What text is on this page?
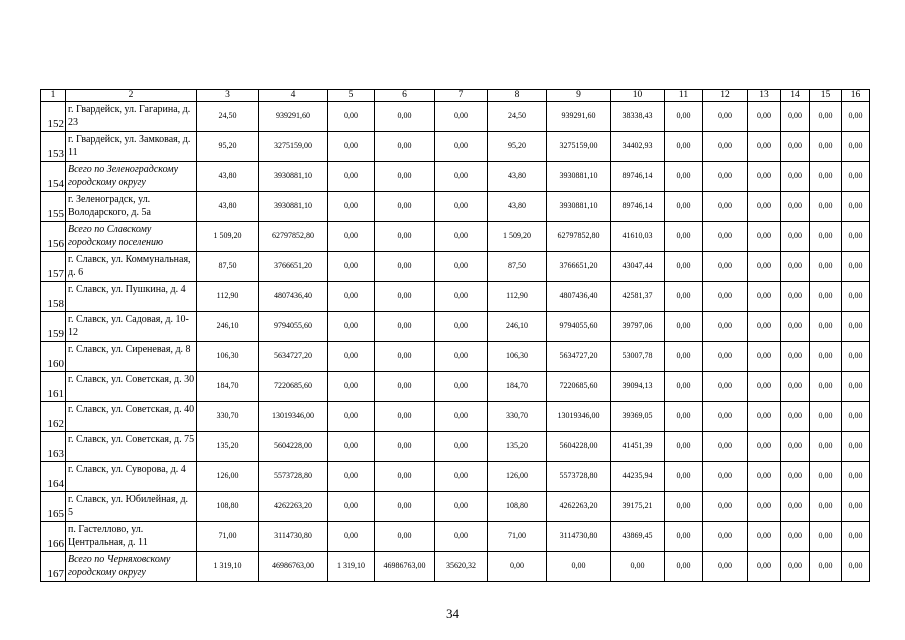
1	2	3	4	5	6	7	8	9	10	11	12	13	14	15	16
152	г. Гвардейск, ул. Гагарина, д. 23	24,50	939291,60	0,00	0,00	0,00	24,50	939291,60	38338,43	0,00	0,00	0,00	0,00	0,00	0,00
153	г. Гвардейск, ул. Замковая, д. 11	95,20	3275159,00	0,00	0,00	0,00	95,20	3275159,00	34402,93	0,00	0,00	0,00	0,00	0,00	0,00
154	Всего по Зеленоградскому городскому округу	43,80	3930881,10	0,00	0,00	0,00	43,80	3930881,10	89746,14	0,00	0,00	0,00	0,00	0,00	0,00
155	г. Зеленоградск, ул. Володарского, д. 5а	43,80	3930881,10	0,00	0,00	0,00	43,80	3930881,10	89746,14	0,00	0,00	0,00	0,00	0,00	0,00
156	Всего по Славскому городскому поселению	1 509,20	62797852,80	0,00	0,00	0,00	1 509,20	62797852,80	41610,03	0,00	0,00	0,00	0,00	0,00	0,00
157	г. Славск, ул. Коммунальная, д. 6	87,50	3766651,20	0,00	0,00	0,00	87,50	3766651,20	43047,44	0,00	0,00	0,00	0,00	0,00	0,00
158	г. Славск, ул. Пушкина, д. 4	112,90	4807436,40	0,00	0,00	0,00	112,90	4807436,40	42581,37	0,00	0,00	0,00	0,00	0,00	0,00
159	г. Славск, ул. Садовая, д. 10-12	246,10	9794055,60	0,00	0,00	0,00	246,10	9794055,60	39797,06	0,00	0,00	0,00	0,00	0,00	0,00
160	г. Славск, ул. Сиреневая, д. 8	106,30	5634727,20	0,00	0,00	0,00	106,30	5634727,20	53007,78	0,00	0,00	0,00	0,00	0,00	0,00
161	г. Славск, ул. Советская, д. 30	184,70	7220685,60	0,00	0,00	0,00	184,70	7220685,60	39094,13	0,00	0,00	0,00	0,00	0,00	0,00
162	г. Славск, ул. Советская, д. 40	330,70	13019346,00	0,00	0,00	0,00	330,70	13019346,00	39369,05	0,00	0,00	0,00	0,00	0,00	0,00
163	г. Славск, ул. Советская, д. 75	135,20	5604228,00	0,00	0,00	0,00	135,20	5604228,00	41451,39	0,00	0,00	0,00	0,00	0,00	0,00
164	г. Славск, ул. Суворова, д. 4	126,00	5573728,80	0,00	0,00	0,00	126,00	5573728,80	44235,94	0,00	0,00	0,00	0,00	0,00	0,00
165	г. Славск, ул. Юбилейная, д. 5	108,80	4262263,20	0,00	0,00	0,00	108,80	4262263,20	39175,21	0,00	0,00	0,00	0,00	0,00	0,00
166	п. Гастеллово, ул. Центральная, д. 11	71,00	3114730,80	0,00	0,00	0,00	71,00	3114730,80	43869,45	0,00	0,00	0,00	0,00	0,00	0,00
167	Всего по Черняховскому городскому округу	1 319,10	46986763,00	1 319,10	46986763,00	35620,32	0,00	0,00	0,00	0,00	0,00	0,00	0,00	0,00	0,00
34
